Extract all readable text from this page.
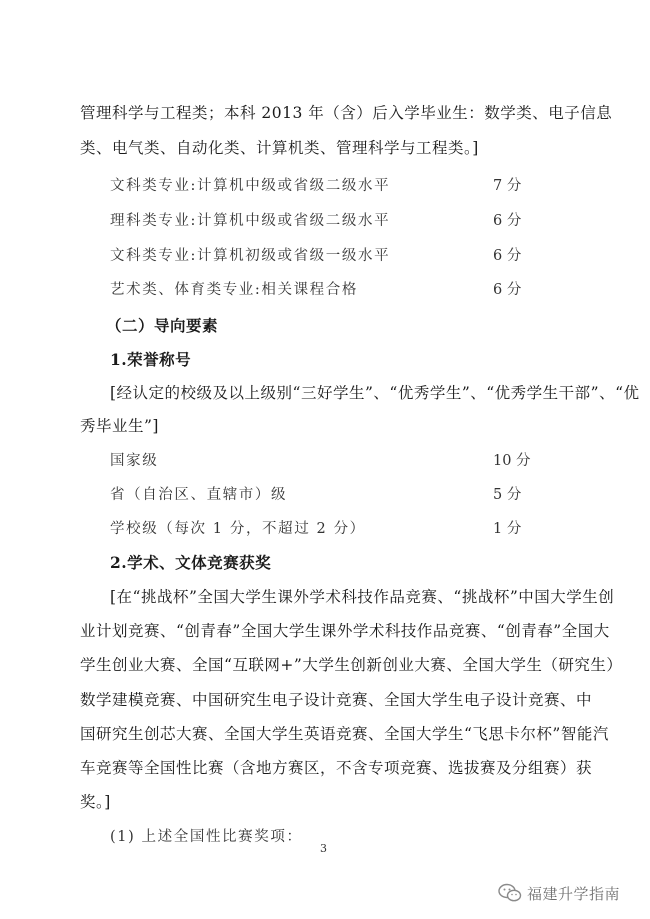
管理科学与工程类；本科 2013 年（含）后入学毕业生：数学类、电子信息
类、电气类、自动化类、计算机类、管理科学与工程类。]
文科类专业:计算机中级或省级二级水平	7 分
理科类专业:计算机中级或省级二级水平	6 分
文科类专业:计算机初级或省级一级水平	6 分
艺术类、体育类专业:相关课程合格	6 分
（二）导向要素
1.荣誉称号
[经认定的校级及以上级别“三好学生”、“优秀学生”、“优秀学生干部”、“优
秀毕业生”]
国家级	10 分
省（自治区、直辖市）级	5 分
学校级（每次 1 分，不超过 2 分）	1 分
2.学术、文体竞赛获奖
[在“挑战杯”全国大学生课外学术科技作品竞赛、“挑战杯”中国大学生创
业计划竞赛、“创青春”全国大学生课外学术科技作品竞赛、“创青春”全国大
学生创业大赛、全国“互联网+”大学生创新创业大赛、全国大学生（研究生）
数学建模竞赛、中国研究生电子设计竞赛、全国大学生电子设计竞赛、中
国研究生创芯大赛、全国大学生英语竞赛、全国大学生“飞思卡尔杯”智能汽
车竞赛等全国性比赛（含地方赛区，不含专项竞赛、选拔赛及分组赛）获
奖。]
(1) 上述全国性比赛奖项：
3
福建升学指南
